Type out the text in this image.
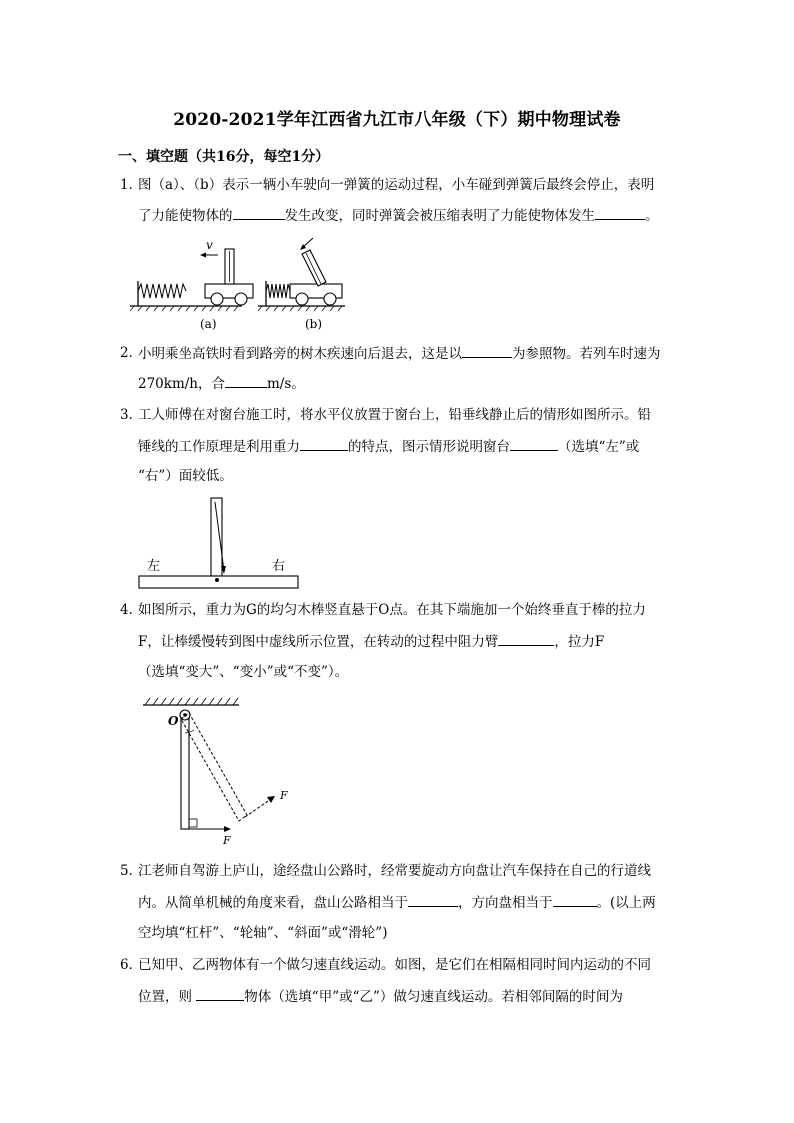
2020-2021学年江西省九江市八年级（下）期中物理试卷
一、填空题（共16分，每空1分）
1．
图（a）、（b）表示一辆小车驶向一弹簧的运动过程，小车碰到弹簧后最终会停止，表明
了力能使物体的	发生改变，同时弹簧会被压缩表明了力能使物体发生	。
v
(a)	(b)
2．
小明乘坐高铁时看到路旁的树木疾速向后退去，这是以	为参照物。若列车时速为
270km/h，合	m/s。
3．
工人师傅在对窗台施工时，将水平仪放置于窗台上，铅垂线静止后的情形如图所示。铅
锤线的工作原理是利用重力	的特点，图示情形说明窗台	（选填“左”或
“右”）面较低。
左	右
4．
如图所示，重力为G的均匀木棒竖直悬于O点。在其下端施加一个始终垂直于棒的拉力
F，让棒缓慢转到图中虚线所示位置，在转动的过程中阻力臂	，拉力F
（选填“变大”、“变小”或“不变”）。
O
F
F
5．
江老师自驾游上庐山，途经盘山公路时，经常要旋动方向盘让汽车保持在自己的行道线
内。从简单机械的角度来看，盘山公路相当于	，方向盘相当于	。(以上两
空均填“杠杆”、“轮轴”、“斜面”或“滑轮”)
6．
已知甲、乙两物体有一个做匀速直线运动。如图，是它们在相隔相同时间内运动的不同
位置，则	物体（选填“甲”或“乙”）做匀速直线运动。若相邻间隔的时间为
